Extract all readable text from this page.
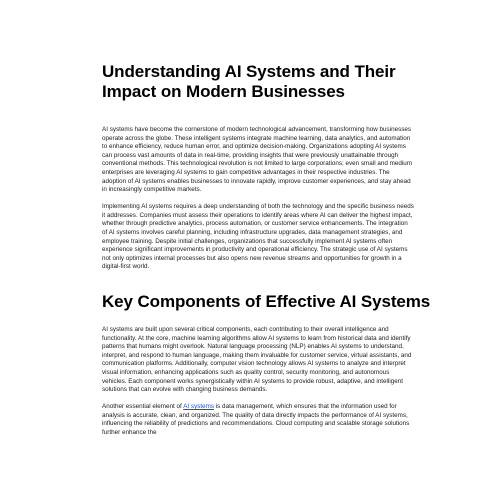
Understanding AI Systems and Their Impact on Modern Businesses

AI systems have become the cornerstone of modern technological advancement, transforming how businesses operate across the globe. These intelligent systems integrate machine learning, data analytics, and automation to enhance efficiency, reduce human error, and optimize decision-making. Organizations adopting AI systems can process vast amounts of data in real-time, providing insights that were previously unattainable through conventional methods. This technological revolution is not limited to large corporations; even small and medium enterprises are leveraging AI systems to gain competitive advantages in their respective industries. The adoption of AI systems enables businesses to innovate rapidly, improve customer experiences, and stay ahead in increasingly competitive markets.

Implementing AI systems requires a deep understanding of both the technology and the specific business needs it addresses. Companies must assess their operations to identify areas where AI can deliver the highest impact, whether through predictive analytics, process automation, or customer service enhancements. The integration of AI systems involves careful planning, including infrastructure upgrades, data management strategies, and employee training. Despite initial challenges, organizations that successfully implement AI systems often experience significant improvements in productivity and operational efficiency. The strategic use of AI systems not only optimizes internal processes but also opens new revenue streams and opportunities for growth in a digital-first world.

Key Components of Effective AI Systems

AI systems are built upon several critical components, each contributing to their overall intelligence and functionality. At the core, machine learning algorithms allow AI systems to learn from historical data and identify patterns that humans might overlook. Natural language processing (NLP) enables AI systems to understand, interpret, and respond to human language, making them invaluable for customer service, virtual assistants, and communication platforms. Additionally, computer vision technology allows AI systems to analyze and interpret visual information, enhancing applications such as quality control, security monitoring, and autonomous vehicles. Each component works synergistically within AI systems to provide robust, adaptive, and intelligent solutions that can evolve with changing business demands.

Another essential element of AI systems is data management, which ensures that the information used for analysis is accurate, clean, and organized. The quality of data directly impacts the performance of AI systems, influencing the reliability of predictions and recommendations. Cloud computing and scalable storage solutions further enhance the
